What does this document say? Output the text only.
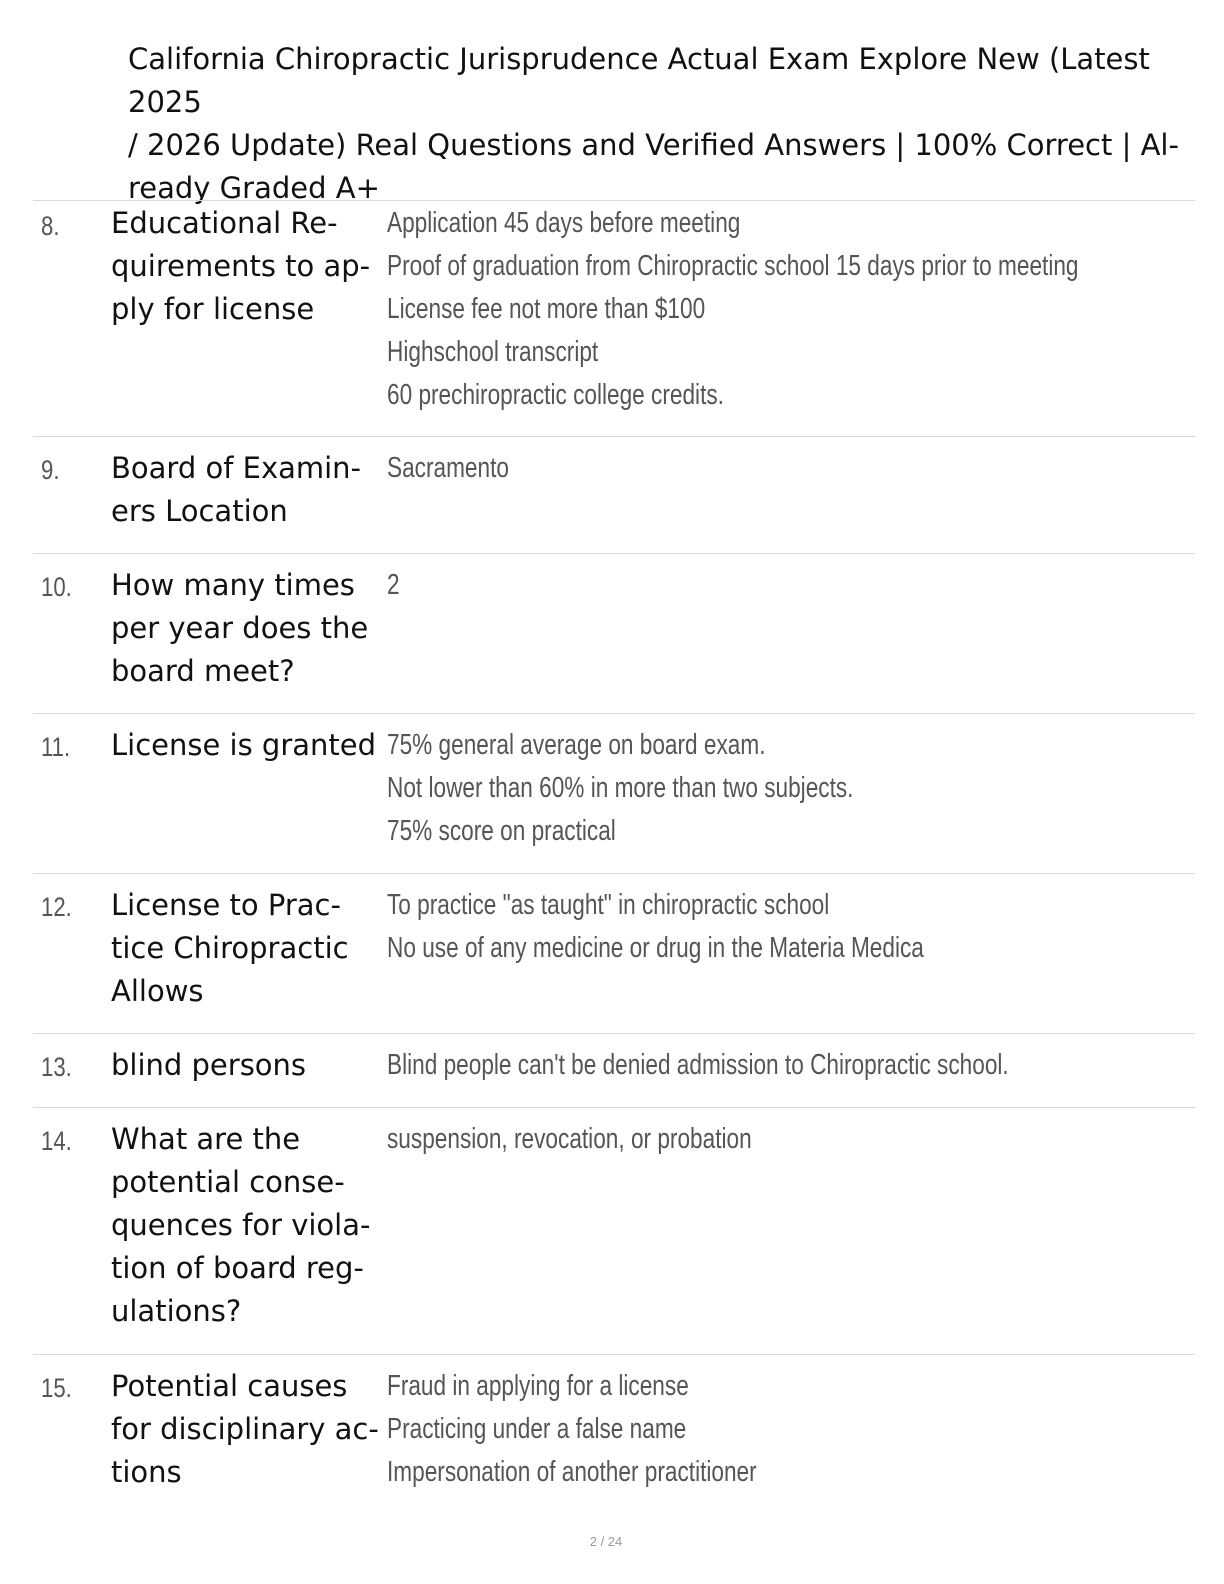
California Chiropractic Jurisprudence Actual Exam Explore New (Latest 2025
/ 2026 Update) Real Questions and Verified Answers | 100% Correct | Al-
ready Graded A+
8. Educational Re-
quirements to ap-
ply for license
Application 45 days before meeting
Proof of graduation from Chiropractic school 15 days prior to meeting
License fee not more than $100
Highschool transcript
60 prechiropractic college credits.
9. Board of Examin-
ers Location
Sacramento
10. How many times
per year does the
board meet?
2
11. License is granted 75% general average on board exam.
Not lower than 60% in more than two subjects.
75% score on practical
12. License to Prac-
tice Chiropractic
Allows
To practice "as taught" in chiropractic school
No use of any medicine or drug in the Materia Medica
13. blind persons	Blind people can't be denied admission to Chiropractic school.
14. What are the
potential conse-
quences for viola-
tion of board reg-
ulations?
suspension, revocation, or probation
15. Potential causes
for disciplinary ac-
tions
Fraud in applying for a license
Practicing under a false name
Impersonation of another practitioner
2 / 24
